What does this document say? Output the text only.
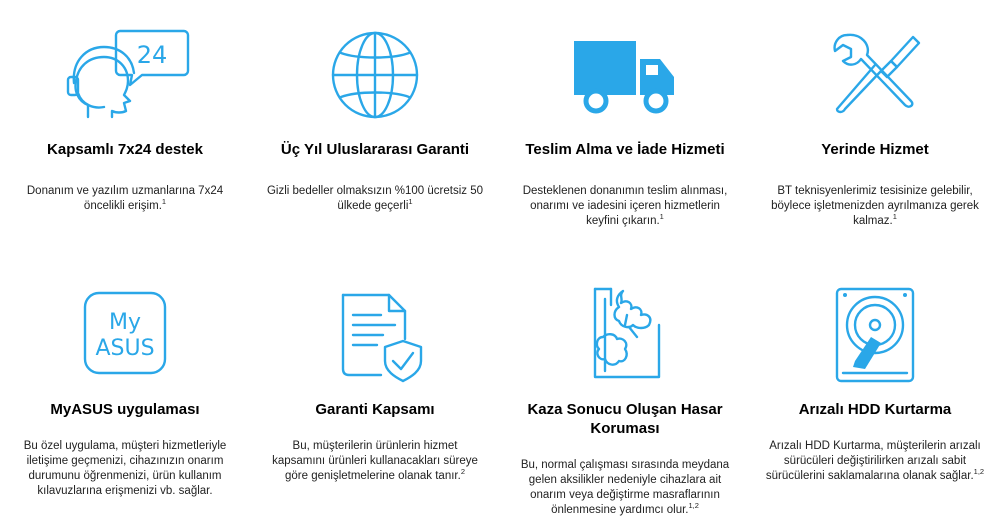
24
Kapsamlı 7x24 destek
Donanım ve yazılım uzmanlarına 7x24 öncelikli erişim.$^1$
Üç Yıl Uluslararası Garanti
Gizli bedeller olmaksızın %100 ücretsiz 50 ülkede geçerli$^1$
Teslim Alma ve İade Hizmeti
Desteklenen donanımın teslim alınması, onarımı ve iadesini içeren hizmetlerin keyfini çıkarın.$^1$
Yerinde Hizmet
BT teknisyenlerimiz tesisinize gelebilir, böylece işletmenizden ayrılmanıza gerek kalmaz.$^1$
My
ASUS
MyASUS uygulaması
Bu özel uygulama, müşteri hizmetleriyle iletişime geçmenizi, cihazınızın onarım durumunu öğrenmenizi, ürün kullanım kılavuzlarına erişmenizi vb. sağlar.
Garanti Kapsamı
Bu, müşterilerin ürünlerin hizmet kapsamını ürünleri kullanacakları süreye göre genişletmelerine olanak tanır.$^2$
Kaza Sonucu Oluşan Hasar Koruması
Bu, normal çalışması sırasında meydana gelen aksilikler nedeniyle cihazlara ait onarım veya değiştirme masraflarının önlenmesine yardımcı olur.$^{1,2}$
Arızalı HDD Kurtarma
Arızalı HDD Kurtarma, müşterilerin arızalı sürücüleri değiştirilirken arızalı sabit sürücülerini saklamalarına olanak sağlar.$^{1,2}$
